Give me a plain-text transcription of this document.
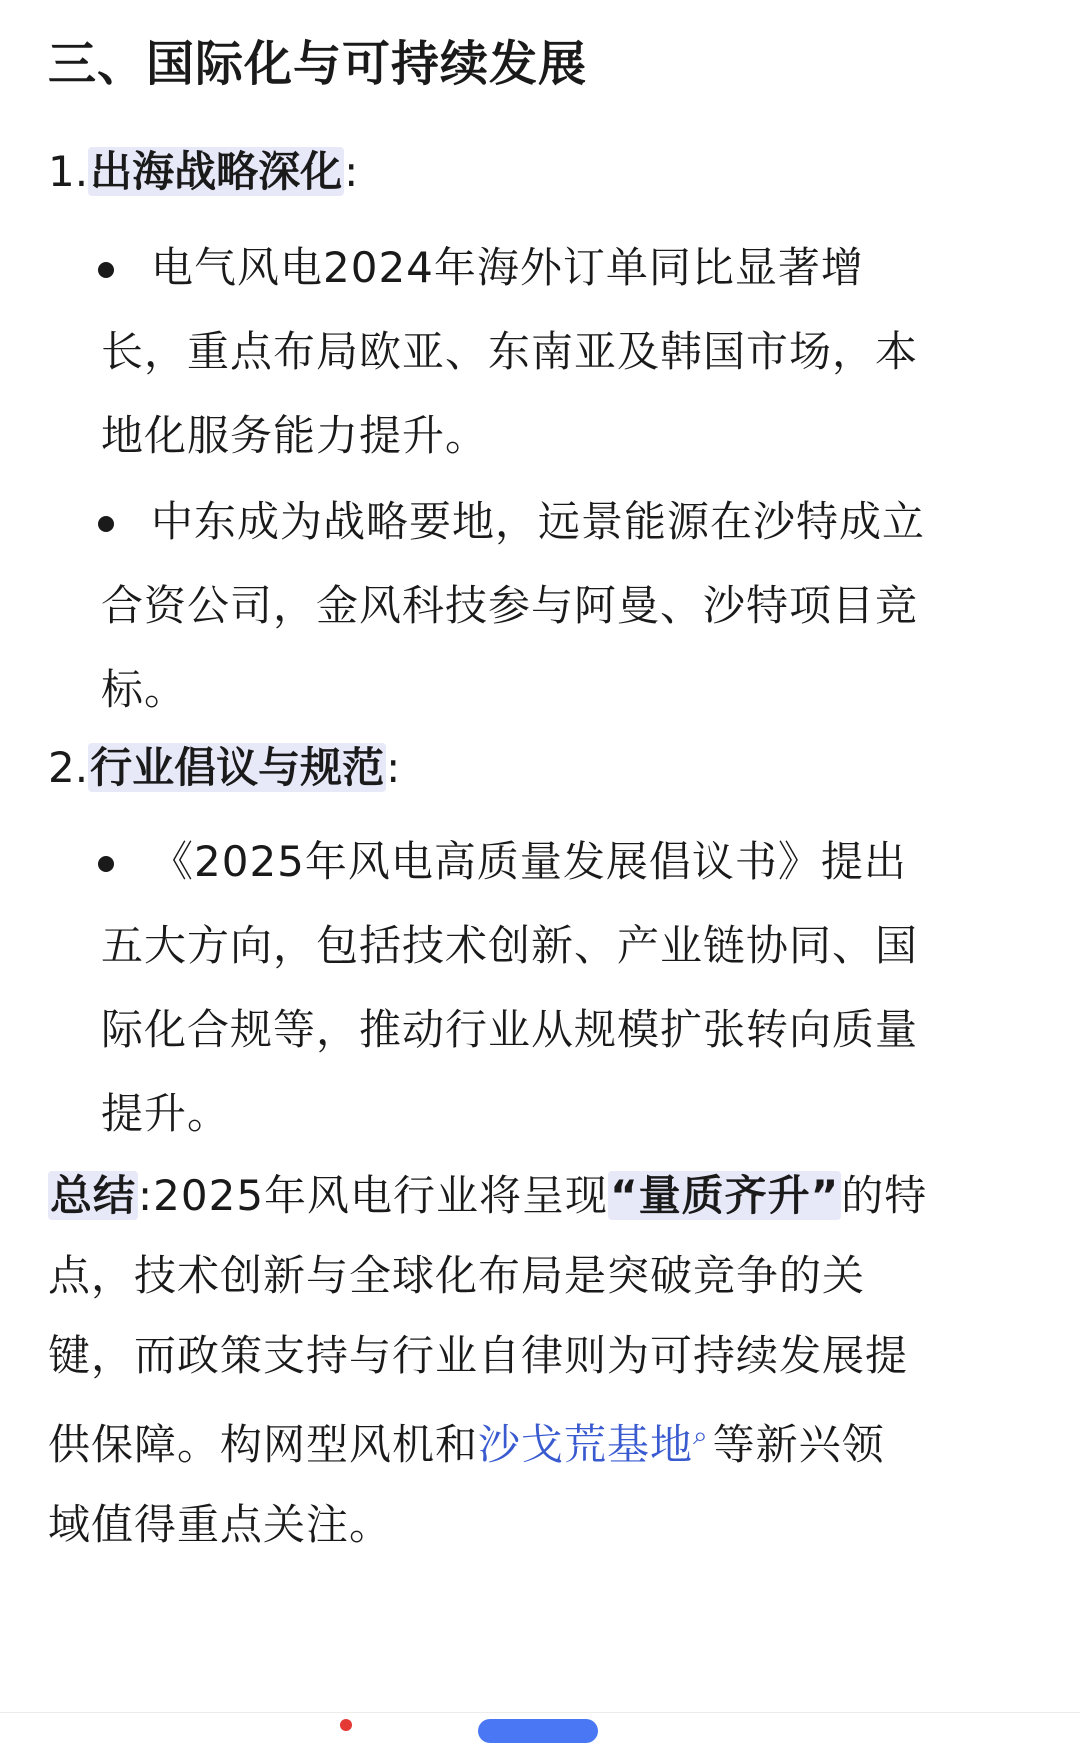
三、国际化与可持续发展
1.出海战略深化:
电气风电2024年海外订单同比显著增
长，重点布局欧亚、东南亚及韩国市场，本
地化服务能力提升。
中东成为战略要地，远景能源在沙特成立
合资公司，金风科技参与阿曼、沙特项目竞
标。
2.行业倡议与规范:
《2025年风电高质量发展倡议书》提出
五大方向，包括技术创新、产业链协同、国
际化合规等，推动行业从规模扩张转向质量
提升。
总结:2025年风电行业将呈现“量质齐升”的特
点，技术创新与全球化布局是突破竞争的关
键，而政策支持与行业自律则为可持续发展提
供保障。构网型风机和沙戈荒基地⌕等新兴领
域值得重点关注。
